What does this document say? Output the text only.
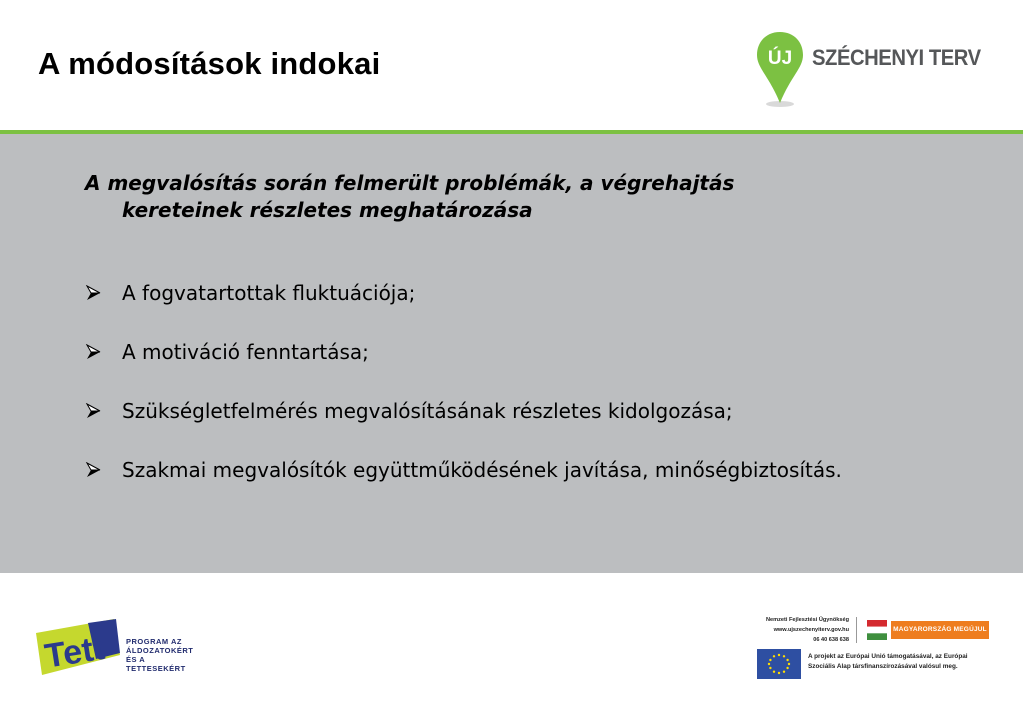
A módosítások indokai	ÚJ SZÉCHENYI TERV
A megvalósítás során felmerült problémák, a végrehajtás
kereteinek részletes meghatározása
A fogvatartottak fluktuációja;
A motiváció fenntartása;
Szükségletfelmérés megvalósításának részletes kidolgozása;
Szakmai megvalósítók együttműködésének javítása, minőségbiztosítás.
Tett	PROGRAM AZ
ÁLDOZATOKÉRT
ÉS A TETTESEKÉRT
Nemzeti Fejlesztési Ügynökség
www.ujszechenyiterv.gov.hu
06 40 638 638
MAGYARORSZÁG MEGÚJUL
A projekt az Európai Unió támogatásával, az Európai
Szociális Alap társfinanszírozásával valósul meg.
